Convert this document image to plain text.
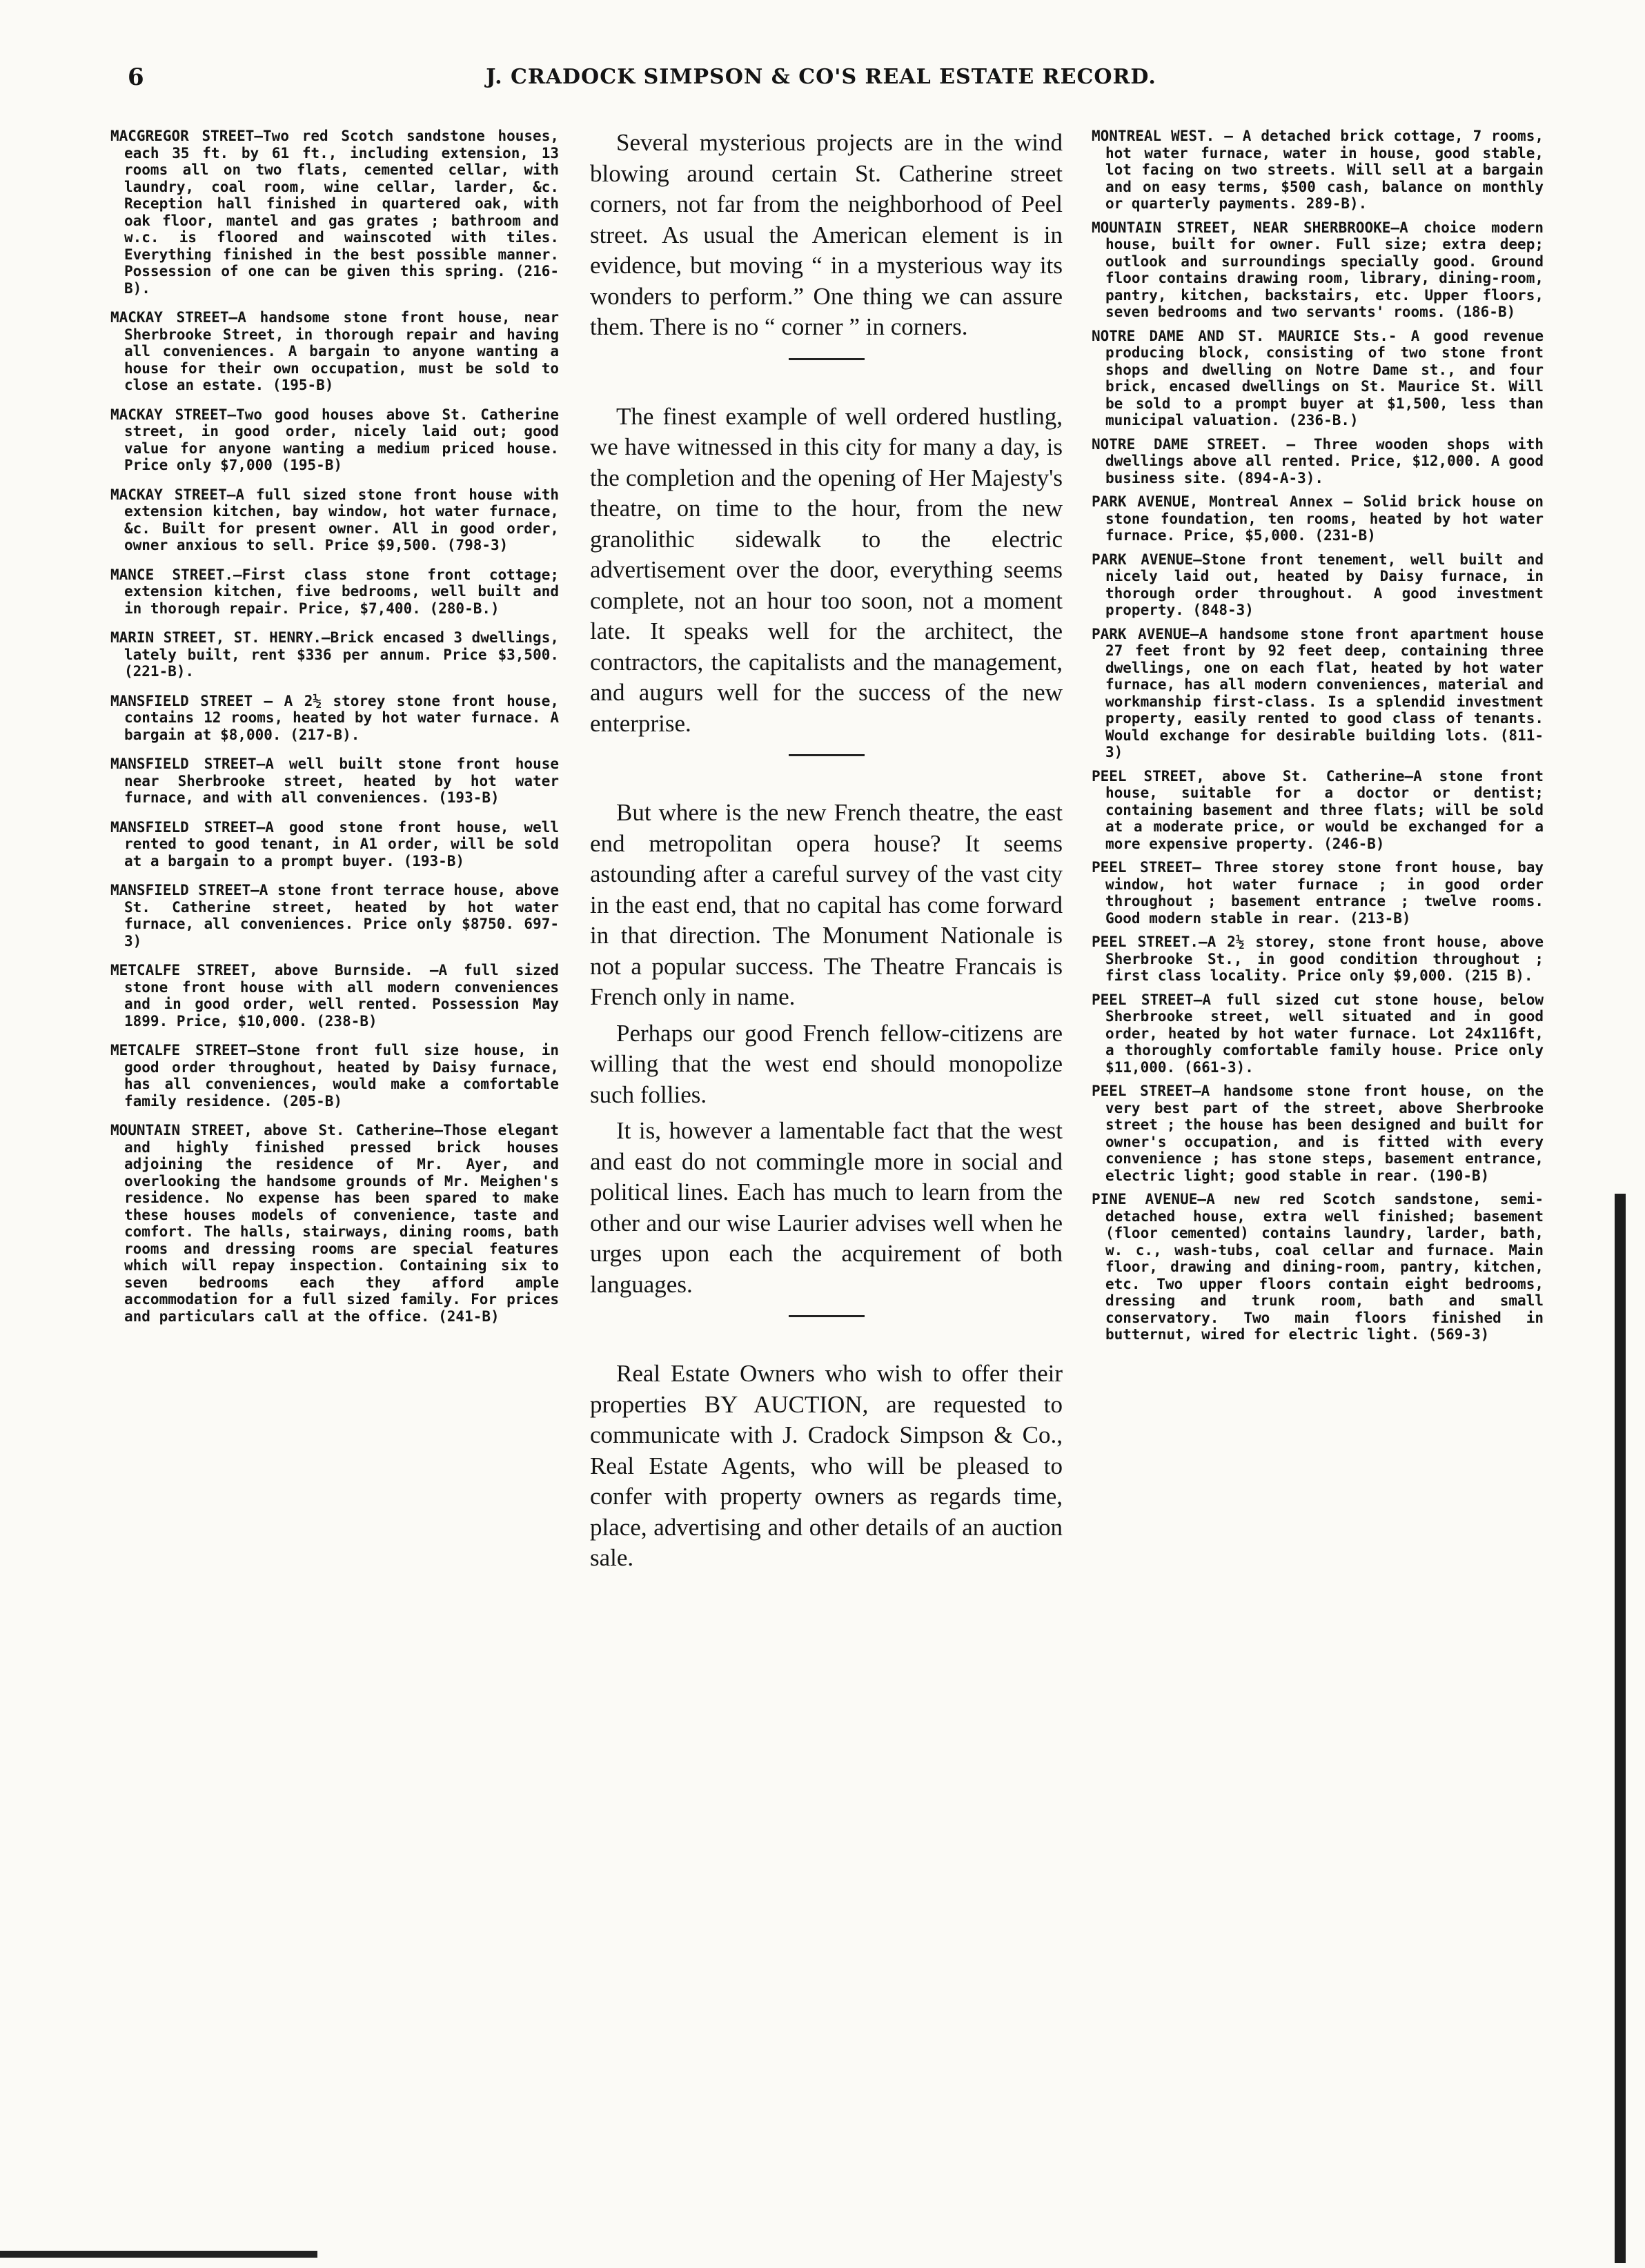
6	J. CRADOCK SIMPSON & CO'S REAL ESTATE RECORD.

MACGREGOR STREET—Two red Scotch sandstone houses, each 35 ft. by 61 ft., including extension, 13 rooms all on two flats, cemented cellar, with laundry, coal room, wine cellar, larder, &c. Reception hall finished in quartered oak, with oak floor, mantel and gas grates ; bathroom and w.c. is floored and wainscoted with tiles. Everything finished in the best possible manner. Possession of one can be given this spring. (216-B).

MACKAY STREET—A handsome stone front house, near Sherbrooke Street, in thorough repair and having all conveniences. A bargain to anyone wanting a house for their own occupation, must be sold to close an estate. (195-B)

MACKAY STREET—Two good houses above St. Catherine street, in good order, nicely laid out; good value for anyone wanting a medium priced house. Price only $7,000 (195-B)

MACKAY STREET—A full sized stone front house with extension kitchen, bay window, hot water furnace, &c. Built for present owner. All in good order, owner anxious to sell. Price $9,500. (798-3)

MANCE STREET.—First class stone front cottage; extension kitchen, five bedrooms, well built and in thorough repair. Price, $7,400. (280-B.)

MARIN STREET, ST. HENRY.—Brick encased 3 dwellings, lately built, rent $336 per annum. Price $3,500. (221-B).

MANSFIELD STREET — A 2½ storey stone front house, contains 12 rooms, heated by hot water furnace. A bargain at $8,000. (217-B).

MANSFIELD STREET—A well built stone front house near Sherbrooke street, heated by hot water furnace, and with all conveniences. (193-B)

MANSFIELD STREET—A good stone front house, well rented to good tenant, in A1 order, will be sold at a bargain to a prompt buyer. (193-B)

MANSFIELD STREET—A stone front terrace house, above St. Catherine street, heated by hot water furnace, all conveniences. Price only $8750. 697-3)

METCALFE STREET, above Burnside. —A full sized stone front house with all modern conveniences and in good order, well rented. Possession May 1899. Price, $10,000. (238-B)

METCALFE STREET—Stone front full size house, in good order throughout, heated by Daisy furnace, has all conveniences, would make a comfortable family residence. (205-B)

MOUNTAIN STREET, above St. Catherine—Those elegant and highly finished pressed brick houses adjoining the residence of Mr. Ayer, and overlooking the handsome grounds of Mr. Meighen's residence. No expense has been spared to make these houses models of convenience, taste and comfort. The halls, stairways, dining rooms, bath rooms and dressing rooms are special features which will repay inspection. Containing six to seven bedrooms each they afford ample accommodation for a full sized family. For prices and particulars call at the office. (241-B)

Several mysterious projects are in the wind blowing around certain St. Catherine street corners, not far from the neighborhood of Peel street. As usual the American element is in evidence, but moving “ in a mysterious way its wonders to perform.” One thing we can assure them. There is no “ corner ” in corners.

The finest example of well ordered hustling, we have witnessed in this city for many a day, is the completion and the opening of Her Majesty's theatre, on time to the hour, from the new granolithic sidewalk to the electric advertisement over the door, everything seems complete, not an hour too soon, not a moment late. It speaks well for the architect, the contractors, the capitalists and the management, and augurs well for the success of the new enterprise.

But where is the new French theatre, the east end metropolitan opera house? It seems astounding after a careful survey of the vast city in the east end, that no capital has come forward in that direction. The Monument Nationale is not a popular success. The Theatre Francais is French only in name.

Perhaps our good French fellow-citizens are willing that the west end should monopolize such follies.

It is, however a lamentable fact that the west and east do not commingle more in social and political lines. Each has much to learn from the other and our wise Laurier advises well when he urges upon each the acquirement of both languages.

Real Estate Owners who wish to offer their properties BY AUCTION, are requested to communicate with J. Cradock Simpson & Co., Real Estate Agents, who will be pleased to confer with property owners as regards time, place, advertising and other details of an auction sale.

MONTREAL WEST. — A detached brick cottage, 7 rooms, hot water furnace, water in house, good stable, lot facing on two streets. Will sell at a bargain and on easy terms, $500 cash, balance on monthly or quarterly payments. 289-B).

MOUNTAIN STREET, NEAR SHERBROOKE—A choice modern house, built for owner. Full size; extra deep; outlook and surroundings specially good. Ground floor contains drawing room, library, dining-room, pantry, kitchen, backstairs, etc. Upper floors, seven bedrooms and two servants' rooms. (186-B)

NOTRE DAME AND ST. MAURICE Sts.- A good revenue producing block, consisting of two stone front shops and dwelling on Notre Dame st., and four brick, encased dwellings on St. Maurice St. Will be sold to a prompt buyer at $1,500, less than municipal valuation. (236-B.)

NOTRE DAME STREET. — Three wooden shops with dwellings above all rented. Price, $12,000. A good business site. (894-A-3).

PARK AVENUE, Montreal Annex — Solid brick house on stone foundation, ten rooms, heated by hot water furnace. Price, $5,000. (231-B)

PARK AVENUE—Stone front tenement, well built and nicely laid out, heated by Daisy furnace, in thorough order throughout. A good investment property. (848-3)

PARK AVENUE—A handsome stone front apartment house 27 feet front by 92 feet deep, containing three dwellings, one on each flat, heated by hot water furnace, has all modern conveniences, material and workmanship first-class. Is a splendid investment property, easily rented to good class of tenants. Would exchange for desirable building lots. (811-3)

PEEL STREET, above St. Catherine—A stone front house, suitable for a doctor or dentist; containing basement and three flats; will be sold at a moderate price, or would be exchanged for a more expensive property. (246-B)

PEEL STREET— Three storey stone front house, bay window, hot water furnace ; in good order throughout ; basement entrance ; twelve rooms. Good modern stable in rear. (213-B)

PEEL STREET.—A 2½ storey, stone front house, above Sherbrooke St., in good condition throughout ; first class locality. Price only $9,000. (215 B).

PEEL STREET—A full sized cut stone house, below Sherbrooke street, well situated and in good order, heated by hot water furnace. Lot 24x116ft, a thoroughly comfortable family house. Price only $11,000. (661-3).

PEEL STREET—A handsome stone front house, on the very best part of the street, above Sherbrooke street ; the house has been designed and built for owner's occupation, and is fitted with every convenience ; has stone steps, basement entrance, electric light; good stable in rear. (190-B)

PINE AVENUE—A new red Scotch sandstone, semi-detached house, extra well finished; basement (floor cemented) contains laundry, larder, bath, w. c., wash-tubs, coal cellar and furnace. Main floor, drawing and dining-room, pantry, kitchen, etc. Two upper floors contain eight bedrooms, dressing and trunk room, bath and small conservatory. Two main floors finished in butternut, wired for electric light. (569-3)
